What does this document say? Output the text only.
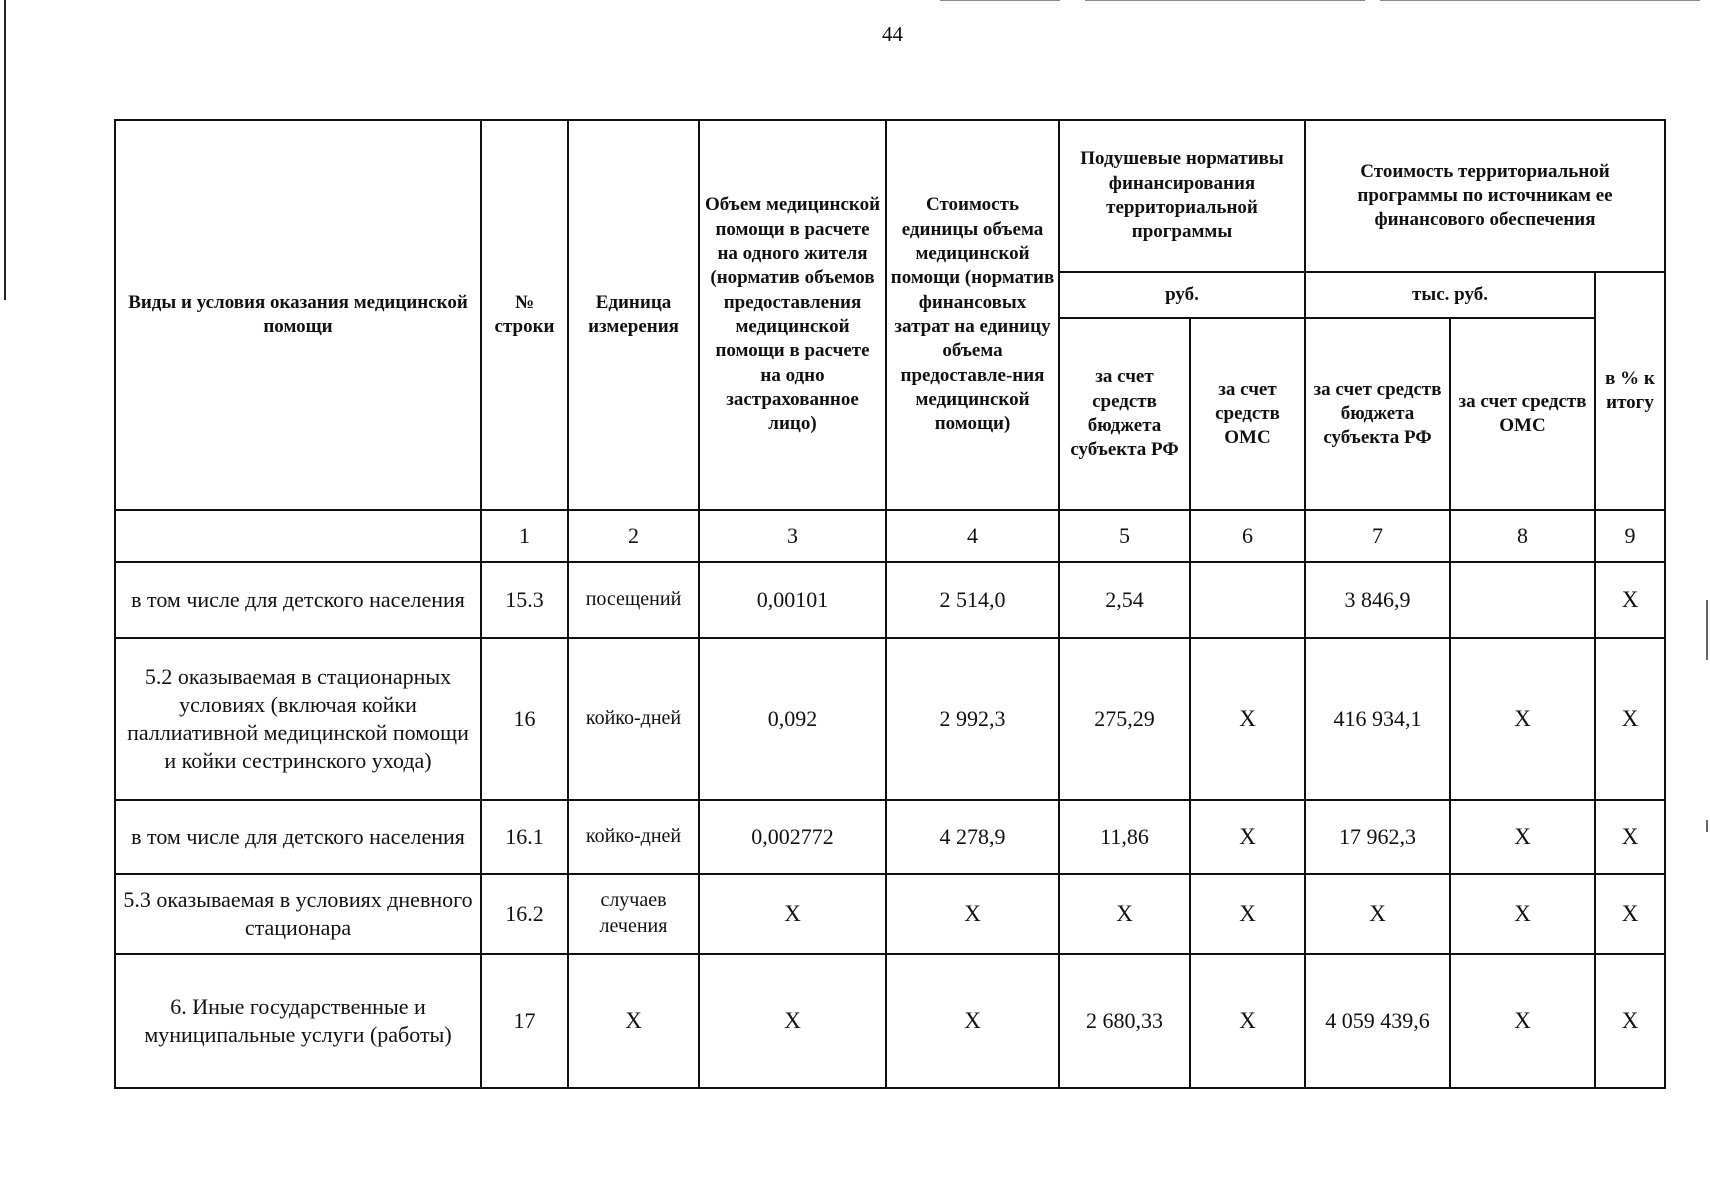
44
Виды и условия оказания медицинской помощи	№ строки	Единица измерения	Объем медицинской помощи в расчете на одного жителя (норматив объемов предоставления медицинской помощи в расчете на одно застрахованное лицо)	Стоимость единицы объема медицинской помощи (норматив финансовых затрат на единицу объема предоставле-ния медицинской помощи)	Подушевые нормативы финансирования территориальной программы		Стоимость территориальной программы по источникам ее финансового обеспечения		
					руб.		тыс. руб.		в % к итогу
					за счет средств бюджета субъекта РФ	за счет средств ОМС	за счет средств бюджета субъекта РФ	за счет средств ОМС	
	1	2	3	4	5	6	7	8	9
в том числе для детского населения	15.3	посещений	0,00101	2 514,0	2,54		3 846,9		Х
5.2 оказываемая в стационарных условиях (включая койки паллиативной медицинской помощи и койки сестринского ухода)	16	койко-дней	0,092	2 992,3	275,29	Х	416 934,1	Х	Х
в том числе для детского населения	16.1	койко-дней	0,002772	4 278,9	11,86	Х	17 962,3	Х	Х
5.3 оказываемая в условиях дневного стационара	16.2	случаев лечения	Х	Х	Х	Х	Х	Х	Х
6. Иные государственные и муниципальные услуги (работы)	17	Х	Х	Х	2 680,33	Х	4 059 439,6	Х	Х
